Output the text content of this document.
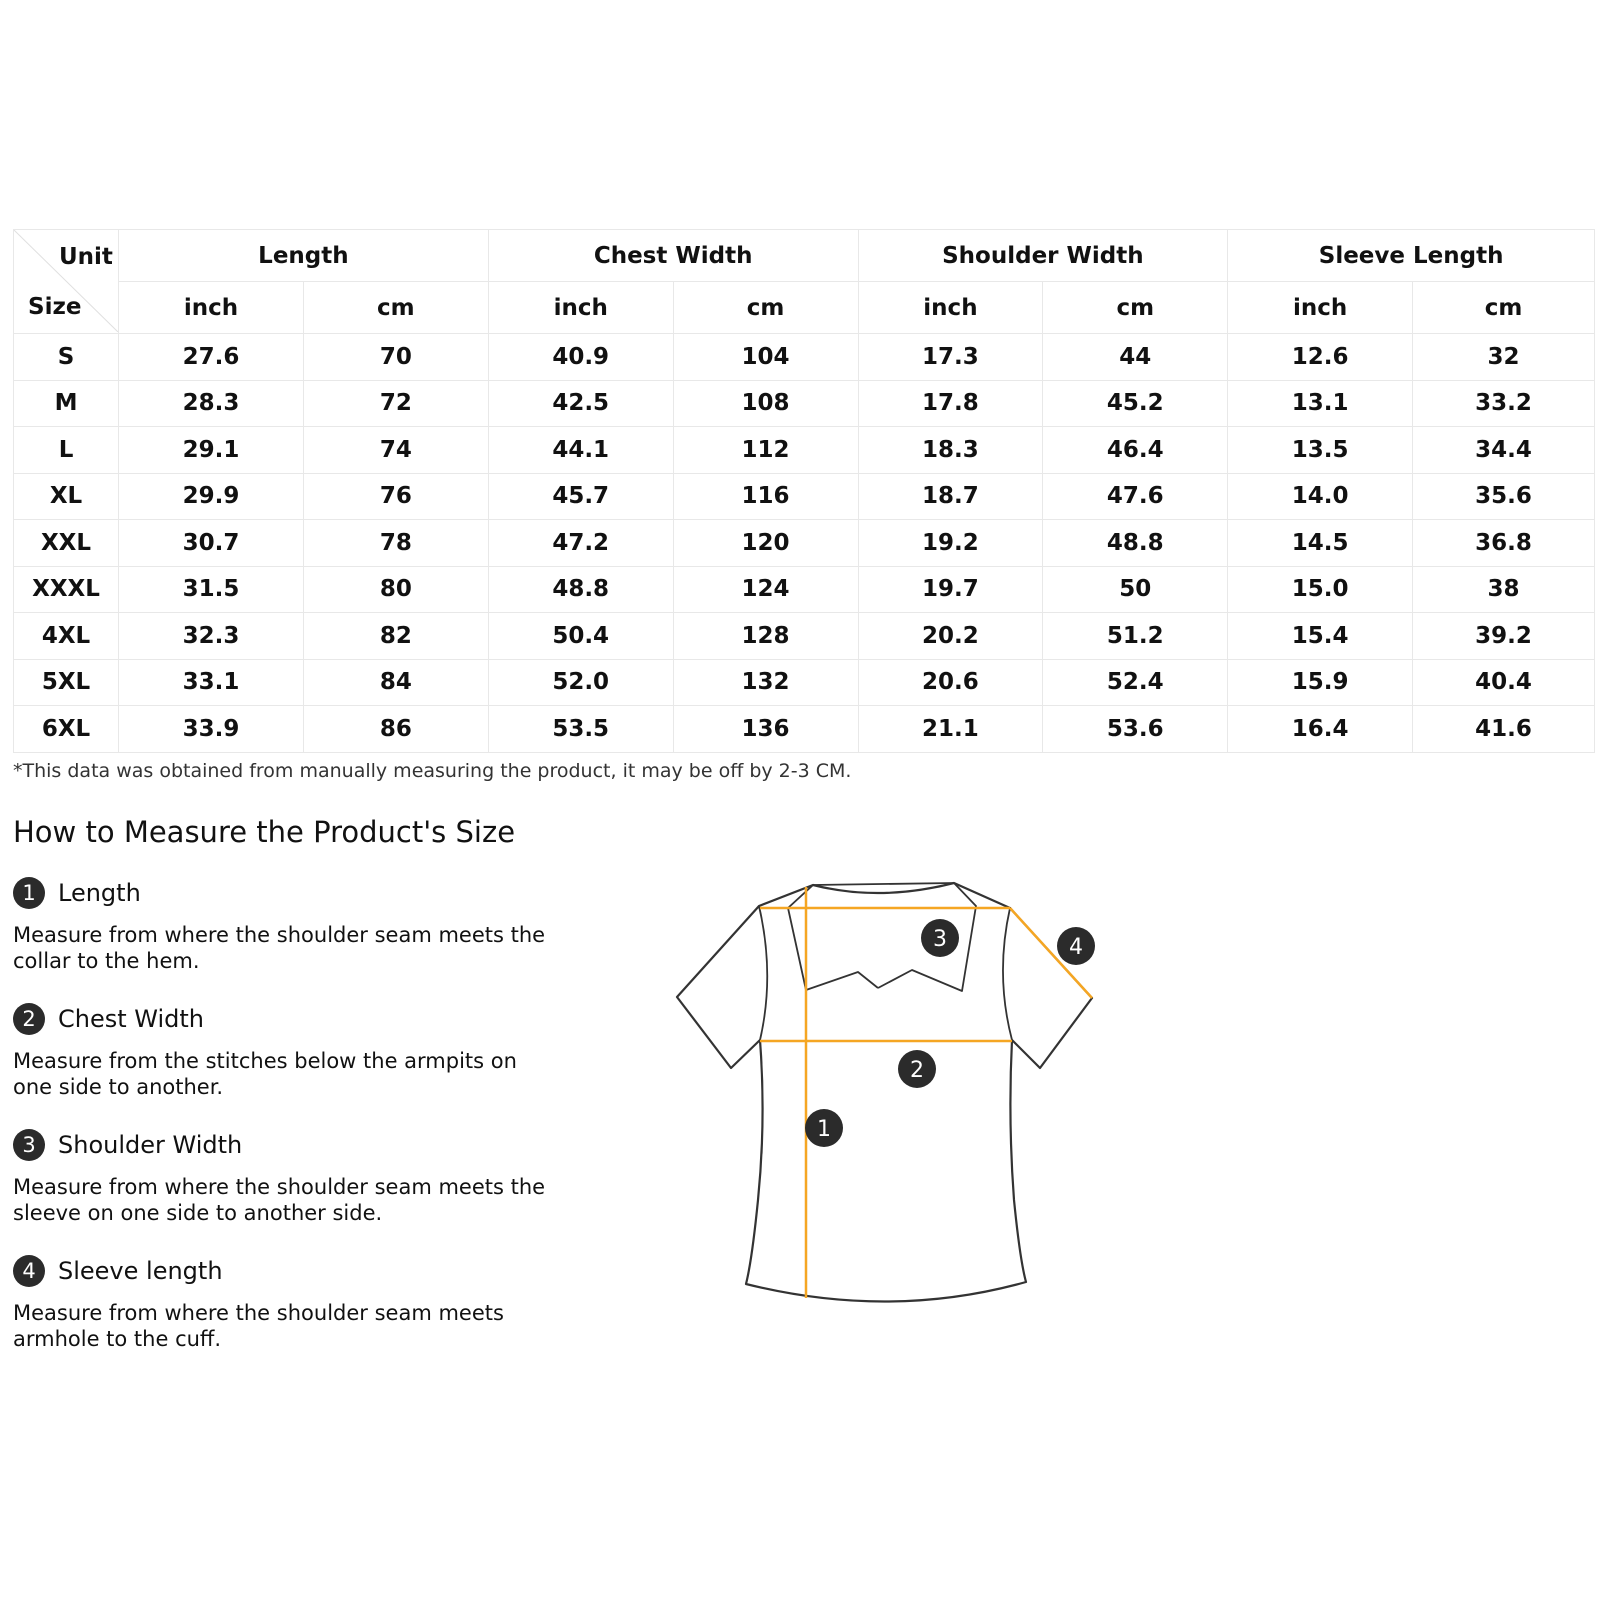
Unit
Size	Length		Chest Width		Shoulder Width		Sleeve Length	
	inch	cm	inch	cm	inch	cm	inch	cm
S	27.6	70	40.9	104	17.3	44	12.6	32
M	28.3	72	42.5	108	17.8	45.2	13.1	33.2
L	29.1	74	44.1	112	18.3	46.4	13.5	34.4
XL	29.9	76	45.7	116	18.7	47.6	14.0	35.6
XXL	30.7	78	47.2	120	19.2	48.8	14.5	36.8
XXXL	31.5	80	48.8	124	19.7	50	15.0	38
4XL	32.3	82	50.4	128	20.2	51.2	15.4	39.2
5XL	33.1	84	52.0	132	20.6	52.4	15.9	40.4
6XL	33.9	86	53.5	136	21.1	53.6	16.4	41.6
*This data was obtained from manually measuring the product, it may be off by 2-3 CM.
How to Measure the Product's Size
1 Length
Measure from where the shoulder seam meets the collar to the hem.
2 Chest Width
Measure from the stitches below the armpits on one side to another.
3 Shoulder Width
Measure from where the shoulder seam meets the sleeve on one side to another side.
4 Sleeve length
Measure from where the shoulder seam meets armhole to the cuff.
1
2
3	4
